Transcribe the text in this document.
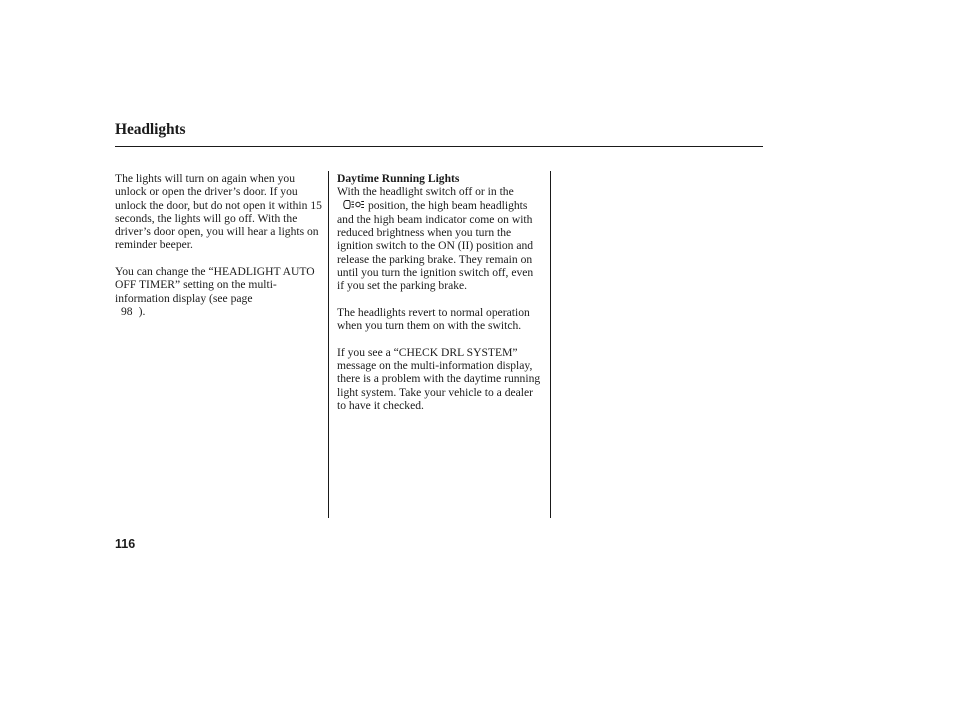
Headlights

The lights will turn on again when you unlock or open the driver’s door. If you unlock the door, but do not open it within 15 seconds, the lights will go off. With the driver’s door open, you will hear a lights on reminder beeper.

You can change the “HEADLIGHT AUTO OFF TIMER” setting on the multi-information display (see page
98 ).

Daytime Running Lights
With the headlight switch off or in theposition, the high beam headlights and the high beam indicator come on with reduced brightness when you turn the ignition switch to the ON (II) position and release the parking brake. They remain on until you turn the ignition switch off, even if you set the parking brake.

The headlights revert to normal operation when you turn them on with the switch.

If you see a “CHECK DRL SYSTEM” message on the multi-information display, there is a problem with the daytime running light system. Take your vehicle to a dealer to have it checked.

116
